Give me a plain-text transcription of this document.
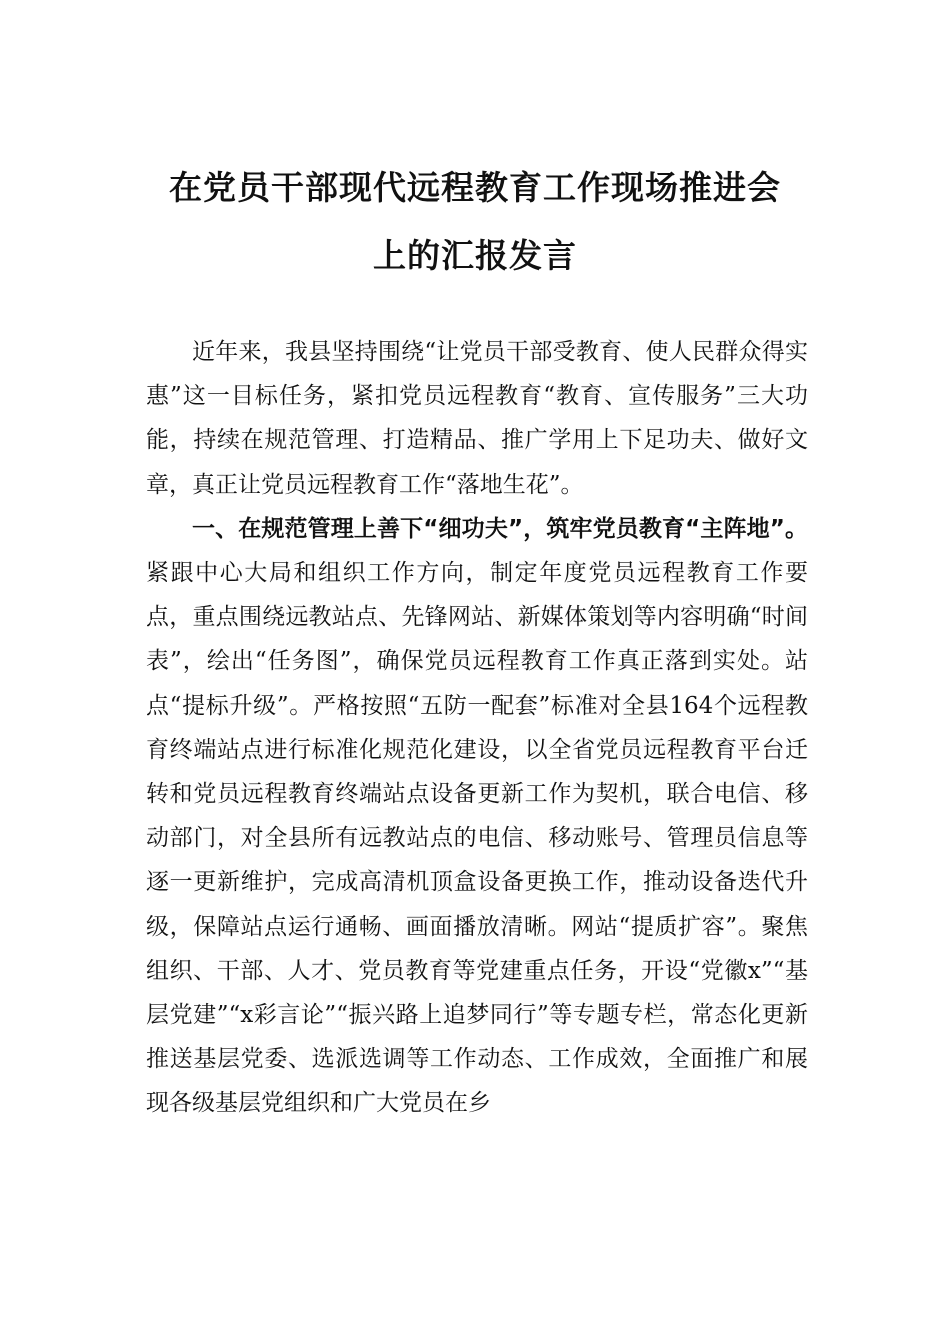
在党员干部现代远程教育工作现场推进会
上的汇报发言

近年来，我县坚持围绕“让党员干部受教育、使人民群众得实惠”这一目标任务，紧扣党员远程教育“教育、宣传服务”三大功能，持续在规范管理、打造精品、推广学用上下足功夫、做好文章，真正让党员远程教育工作“落地生花”。

一、在规范管理上善下“细功夫”，筑牢党员教育“主阵地”。紧跟中心大局和组织工作方向，制定年度党员远程教育工作要点，重点围绕远教站点、先锋网站、新媒体策划等内容明确“时间表”，绘出“任务图”，确保党员远程教育工作真正落到实处。站点“提标升级”。严格按照“五防一配套”标准对全县164个远程教育终端站点进行标准化规范化建设，以全省党员远程教育平台迁转和党员远程教育终端站点设备更新工作为契机，联合电信、移动部门，对全县所有远教站点的电信、移动账号、管理员信息等逐一更新维护，完成高清机顶盒设备更换工作，推动设备迭代升级，保障站点运行通畅、画面播放清晰。网站“提质扩容”。聚焦组织、干部、人才、党员教育等党建重点任务，开设“党徽x”“基层党建”“x彩言论”“振兴路上追梦同行”等专题专栏，常态化更新推送基层党委、选派选调等工作动态、工作成效，全面推广和展现各级基层党组织和广大党员在乡
